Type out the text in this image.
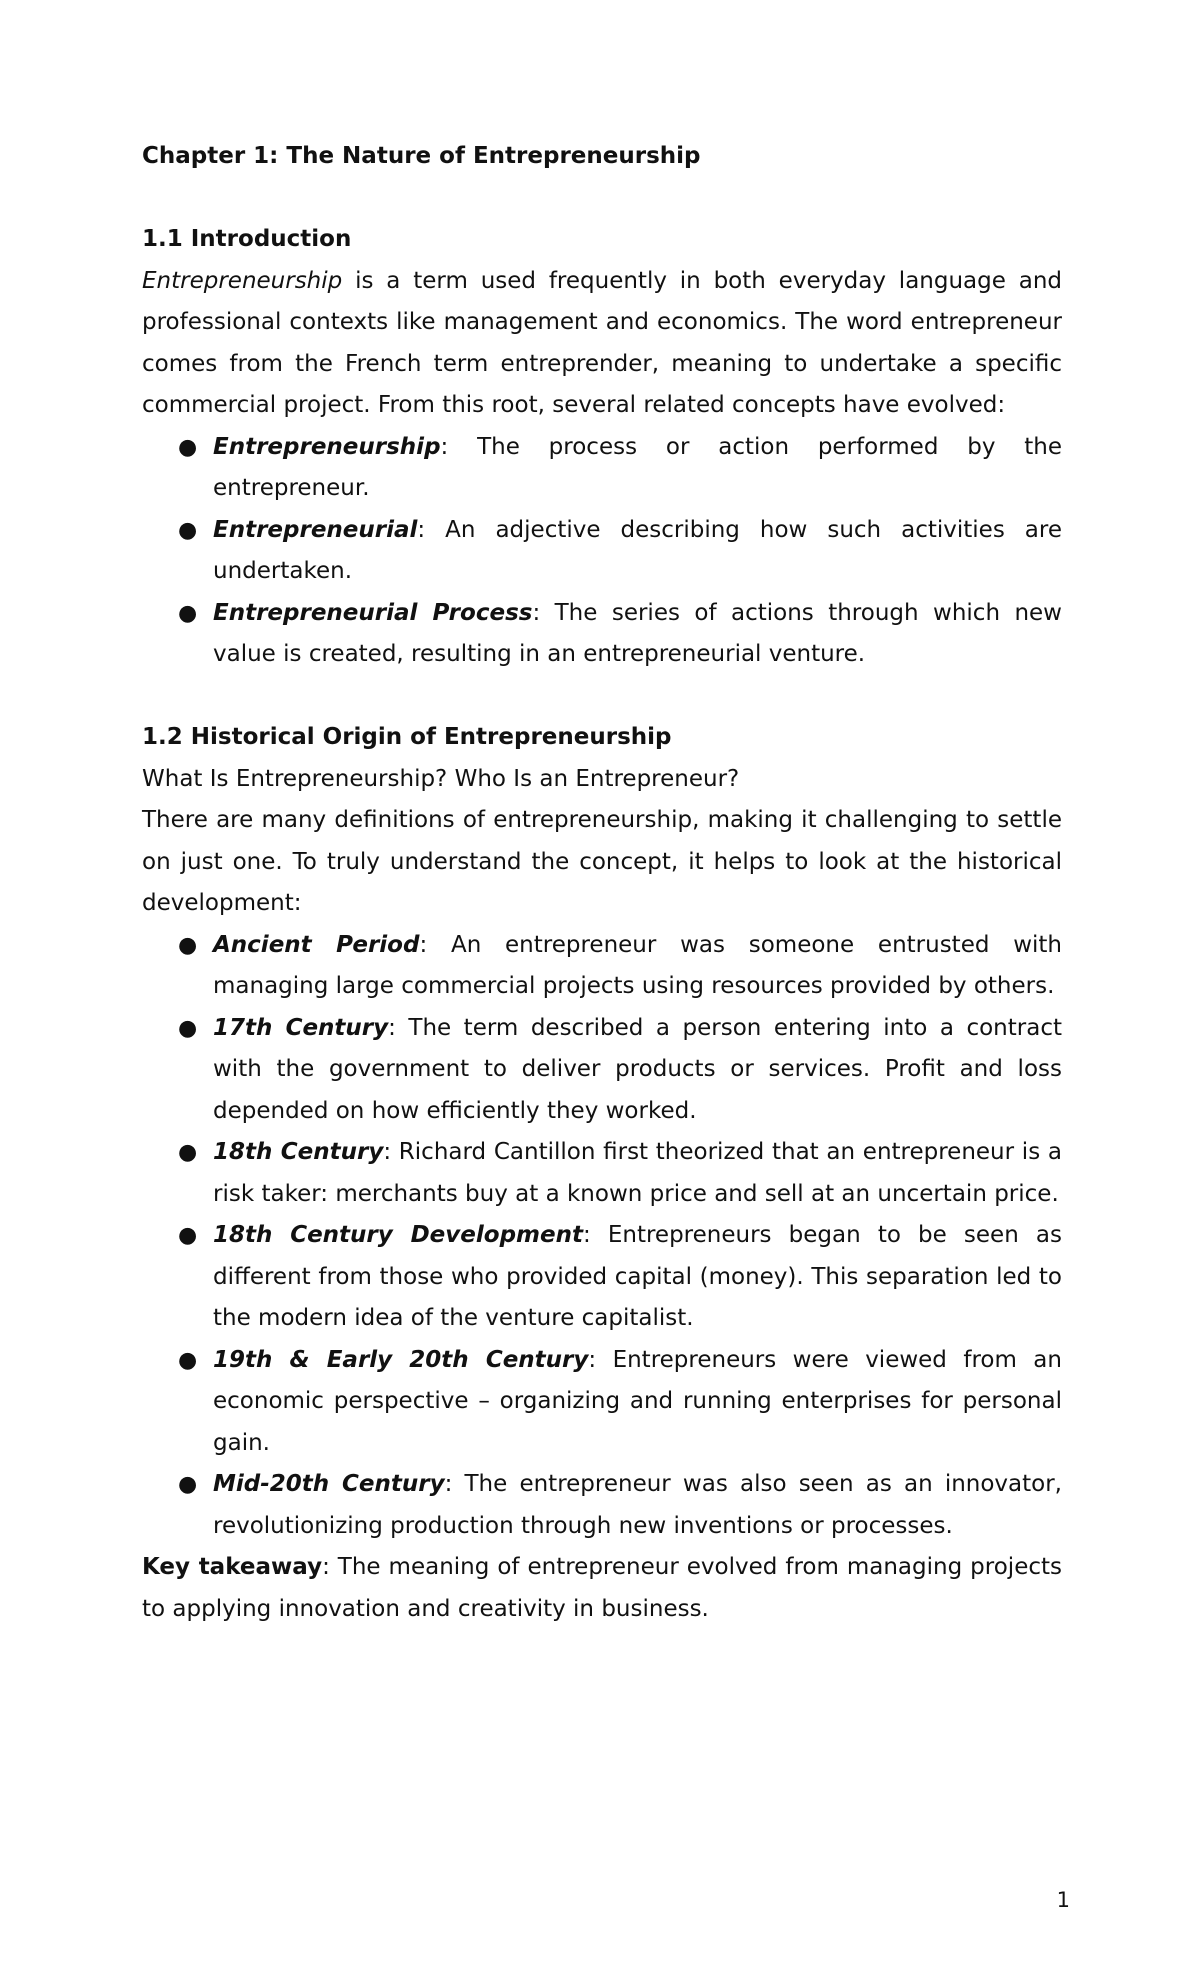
Chapter 1: The Nature of Entrepreneurship
1.1 Introduction

Entrepreneurship is a term used frequently in both everyday language and professional contexts like management and economics. The word entrepreneur comes from the French term entreprender, meaning to undertake a specific commercial project. From this root, several related concepts have evolved:

● Entrepreneurship: The process or action performed by the entrepreneur.
● Entrepreneurial: An adjective describing how such activities are undertaken.
● Entrepreneurial Process: The series of actions through which new value is created, resulting in an entrepreneurial venture.
1.2 Historical Origin of Entrepreneurship

What Is Entrepreneurship? Who Is an Entrepreneur?

There are many definitions of entrepreneurship, making it challenging to settle on just one. To truly understand the concept, it helps to look at the historical development:

● Ancient Period: An entrepreneur was someone entrusted with managing large commercial projects using resources provided by others.
● 17th Century: The term described a person entering into a contract with the government to deliver products or services. Profit and loss depended on how efficiently they worked.
● 18th Century: Richard Cantillon first theorized that an entrepreneur is a risk taker: merchants buy at a known price and sell at an uncertain price.
● 18th Century Development: Entrepreneurs began to be seen as different from those who provided capital (money). This separation led to the modern idea of the venture capitalist.
● 19th & Early 20th Century: Entrepreneurs were viewed from an economic perspective – organizing and running enterprises for personal gain.
● Mid-20th Century: The entrepreneur was also seen as an innovator, revolutionizing production through new inventions or processes.

Key takeaway: The meaning of entrepreneur evolved from managing projects to applying innovation and creativity in business.

1
